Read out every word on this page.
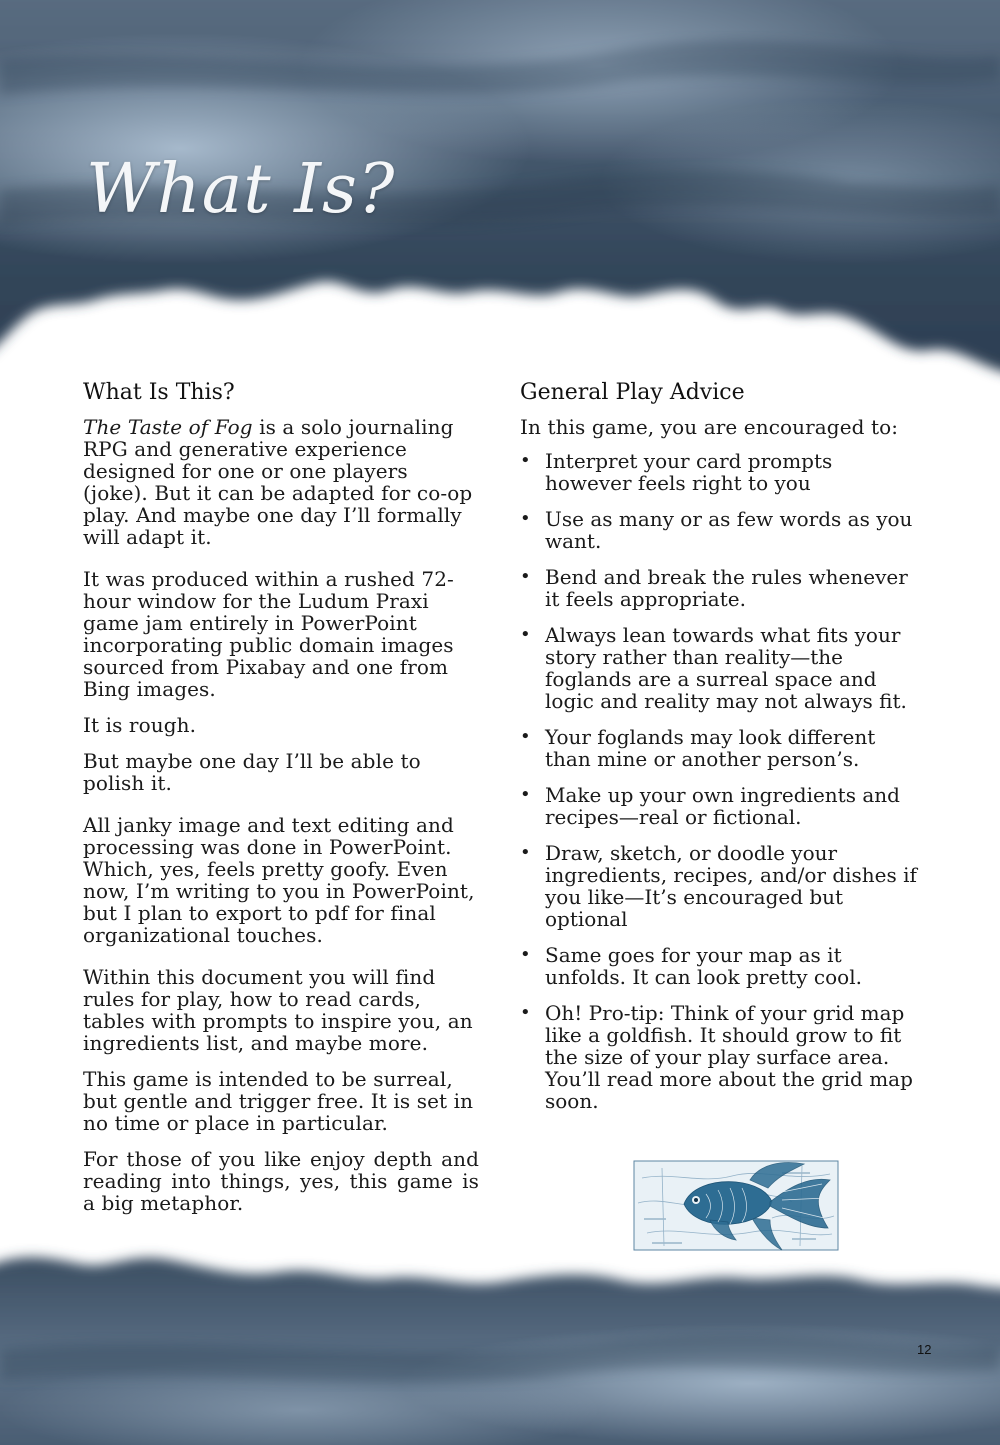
What Is?
What Is This?

The Taste of Fog is a solo journaling RPG and generative experience designed for one or one players (joke). But it can be adapted for co-op play. And maybe one day I’ll formally will adapt it.

It was produced within a rushed 72-hour window for the Ludum Praxi game jam entirely in PowerPoint incorporating public domain images sourced from Pixabay and one from Bing images.

It is rough.

But maybe one day I’ll be able to polish it.

All janky image and text editing and processing was done in PowerPoint. Which, yes, feels pretty goofy. Even now, I’m writing to you in PowerPoint, but I plan to export to pdf for final organizational touches.

Within this document you will find rules for play, how to read cards, tables with prompts to inspire you, an ingredients list, and maybe more.

This game is intended to be surreal, but gentle and trigger free. It is set in no time or place in particular.

For those of you like enjoy depth and reading into things, yes, this game is a big metaphor.

General Play Advice

In this game, you are encouraged to:

• Interpret your card prompts however feels right to you
• Use as many or as few words as you want.
• Bend and break the rules whenever it feels appropriate.
• Always lean towards what fits your story rather than reality—the foglands are a surreal space and logic and reality may not always fit.
• Your foglands may look different than mine or another person’s.
• Make up your own ingredients and recipes—real or fictional.
• Draw, sketch, or doodle your ingredients, recipes, and/or dishes if you like—It’s encouraged but optional
• Same goes for your map as it unfolds. It can look pretty cool.
• Oh! Pro-tip: Think of your grid map like a goldfish. It should grow to fit the size of your play surface area. You’ll read more about the grid map soon.
12
